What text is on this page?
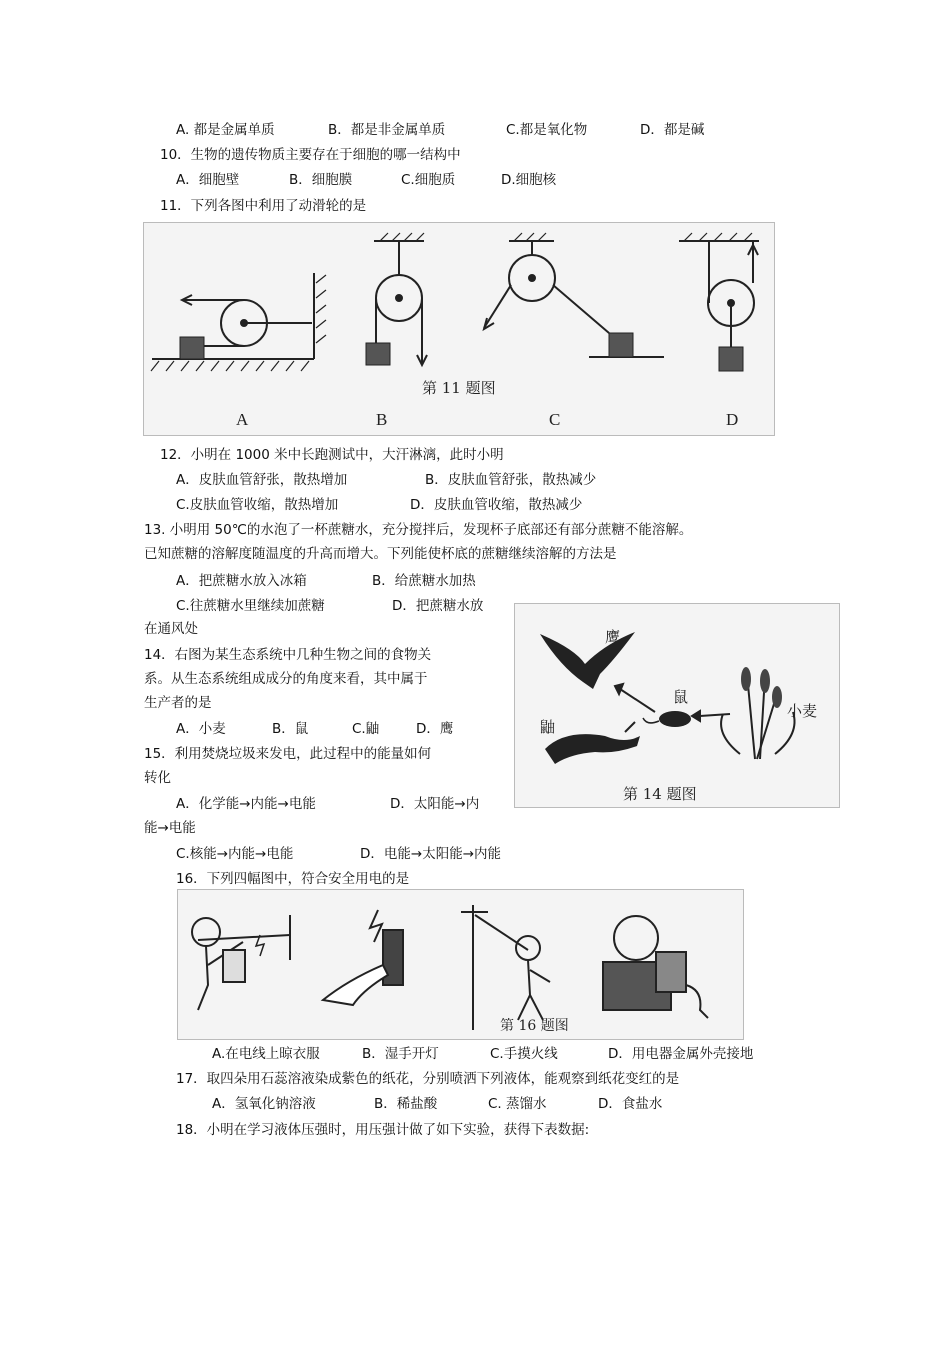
A. 都是金属单质	B．都是非金属单质	C.都是氧化物	D．都是碱
10．生物的遗传物质主要存在于细胞的哪一结构中
A．细胞壁	B．细胞膜	C.细胞质	D.细胞核
11．下列各图中利用了动滑轮的是
第 11 题图
A	B	C	D
12．小明在 1000 米中长跑测试中，大汗淋漓，此时小明
A．皮肤血管舒张，散热增加	B．皮肤血管舒张，散热减少
C.皮肤血管收缩，散热增加	D．皮肤血管收缩，散热减少
13. 小明用 50℃的水泡了一杯蔗糖水，充分搅拌后，发现杯子底部还有部分蔗糖不能溶解。
已知蔗糖的溶解度随温度的升高而增大。下列能使杯底的蔗糖继续溶解的方法是
A．把蔗糖水放入冰箱	B．给蔗糖水加热
C.往蔗糖水里继续加蔗糖	D．把蔗糖水放
在通风处	鹰
鼠
鼬
小麦
第 14 题图
14．右图为某生态系统中几种生物之间的食物关
系。从生态系统组成成分的角度来看，其中属于
生产者的是
A．小麦	B．鼠	C.鼬	D．鹰
15．利用焚烧垃圾来发电，此过程中的能量如何
转化
A．化学能→内能→电能	D．太阳能→内
能→电能
C.核能→内能→电能	D．电能→太阳能→内能
16．下列四幅图中，符合安全用电的是
第 16 题图
A.在电线上晾衣服	B．湿手开灯	C.手摸火线	D．用电器金属外壳接地
17．取四朵用石蕊溶液染成紫色的纸花，分别喷洒下列液体，能观察到纸花变红的是
A．氢氧化钠溶液	B．稀盐酸	C. 蒸馏水	D．食盐水
18．小明在学习液体压强时，用压强计做了如下实验，获得下表数据:
